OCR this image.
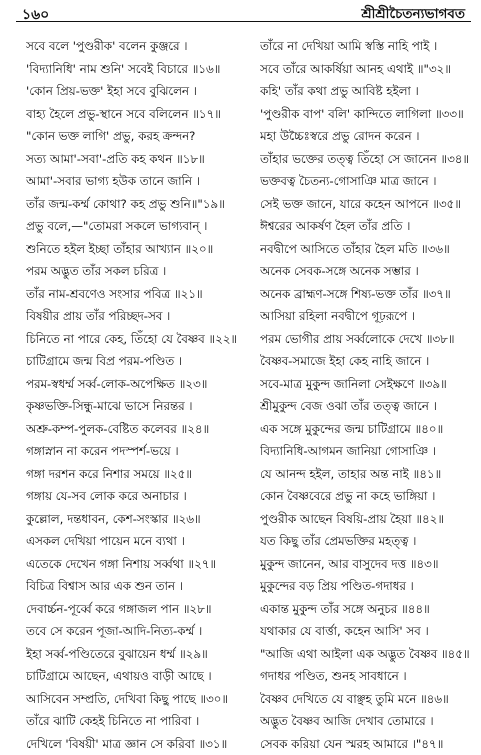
১৬০	শ্রীশ্রীচৈতন্যভাগবত
সবে বলে 'পুণ্ডরীক' বলেন কুঞ্জরে ।
'বিদ্যানিধি' নাম শুনি' সবেই বিচারে ॥১৬॥
'কোন প্রিয়-ভক্ত' ইহা সবে বুঝিলেন ।
বাহ্য হৈলে প্রভু-স্থানে সবে বলিলেন ॥১৭॥
"কোন ভক্ত লাগি' প্রভু, করহ ক্রন্দন?
সত্য আমা'-সবা'-প্রতি কহ কথন ॥১৮॥
আমা'-সবার ভাগ্য হউক তানে জানি ।
তাঁর জন্ম-কর্ম্ম কোথা? কহ প্রভু শুনি॥"১৯॥
প্রভু বলে,—"তোমরা সকলে ভাগ্যবান্ ।
শুনিতে হইল ইচ্ছা তাঁহার আখ্যান ॥২০॥
পরম অদ্ভুত তাঁর সকল চরিত্র ।
তাঁর নাম-শ্রবণেও সংসার পবিত্র ॥২১॥
বিষয়ীর প্রায় তাঁর পরিচ্ছদ-সব ।
চিনিতে না পারে কেহ, তিঁহো যে বৈষ্ণব ॥২২॥
চাটিগ্রামে জন্ম বিপ্র পরম-পণ্ডিত ।
পরম-স্বধর্ম্ম সর্ব্ব-লোক-অপেক্ষিত ॥২৩॥
কৃষ্ণভক্তি-সিন্ধু-মাঝে ভাসে নিরন্তর ।
অশ্রু-কম্প-পুলক-বেষ্টিত কলেবর ॥২৪॥
গঙ্গাস্নান না করেন পদস্পর্শ-ভয়ে ।
গঙ্গা দরশন করে নিশার সময়ে ॥২৫॥
গঙ্গায় যে-সব লোক করে অনাচার ।
কুল্লোল, দন্তধাবন, কেশ-সংস্কার ॥২৬॥
এসকল দেখিয়া পায়েন মনে ব্যথা ।
এতেকে দেখেন গঙ্গা নিশায় সর্ব্বথা ॥২৭॥
বিচিত্র বিশ্বাস আর এক শুন তান ।
দেবার্চ্চন-পূর্ব্বে করে গঙ্গাজল পান ॥২৮॥
তবে সে করেন পূজা-আদি-নিত্য-কর্ম্ম ।
ইহা সর্ব্ব-পণ্ডিতেরে বুঝায়েন ধর্ম্ম ॥২৯॥
চাটিগ্রামে আছেন, এথায়ও বাড়ী আছে ।
আসিবেন সম্প্রতি, দেখিবা কিছু পাছে ॥৩০॥
তাঁরে ঝাটি কেহই চিনিতে না পারিবা ।
দেখিলে 'বিষয়ী' মাত্র জ্ঞান সে করিবা ॥৩১॥
তাঁরে না দেখিয়া আমি স্বস্তি নাহি পাই ।
সবে তাঁরে আকর্ষিয়া আনহ এথাই ॥"৩২॥
কহি' তাঁর কথা প্রভু আবিষ্ট হইলা ।
'পুণ্ডরীক বাপ' বলি' কান্দিতে লাগিলা ॥৩৩॥
মহা উচ্চৈঃস্বরে প্রভু রোদন করেন ।
তাঁহার ভক্তের তত্ত্ব তিঁহো সে জানেন ॥৩৪॥
ভক্তবত্ব চৈতন্য-গোসাঞি মাত্র জানে ।
সেই ভক্ত জানে, যারে কহেন আপনে ॥৩৫॥
ঈশ্বরের আকর্ষণ হৈল তাঁর প্রতি ।
নবদ্বীপে আসিতে তাঁহার হৈল মতি ॥৩৬॥
অনেক সেবক-সঙ্গে অনেক সম্ভার ।
অনেক ব্রাহ্মণ-সঙ্গে শিষ্য-ভক্ত তাঁর ॥৩৭॥
আসিয়া রহিলা নবদ্বীপে গূঢ়রূপে ।
পরম ভোগীর প্রায় সর্ব্বলোকে দেখে ॥৩৮॥
বৈষ্ণব-সমাজে ইহা কেহ নাহি জানে ।
সবে-মাত্র মুকুন্দ জানিলা সেইক্ষণে ॥৩৯॥
শ্রীমুকুন্দ বেজ ওঝা তাঁর তত্ত্ব জানে ।
এক সঙ্গে মুকুন্দের জন্ম চাটিগ্রামে ॥৪০॥
বিদ্যানিধি-আগমন জানিয়া গোসাঞি ।
যে আনন্দ হইল, তাহার অন্ত নাই ॥৪১॥
কোন বৈষ্ণবেরে প্রভু না কহে ভাঙ্গিয়া ।
পুণ্ডরীক আছেন বিষয়ি-প্রায় হৈয়া ॥৪২॥
যত কিছু তাঁর প্রেমভক্তির মহত্ত্ব ।
মুকুন্দ জানেন, আর বাসুদেব দত্ত ॥৪৩॥
মুকুন্দের বড় প্রিয় পণ্ডিত-গদাধর ।
একান্ত মুকুন্দ তাঁর সঙ্গে অনুচর ॥৪৪॥
যথাকার যে বার্ত্তা, কহেন আসি' সব ।
"আজি এথা আইলা এক অদ্ভুত বৈষ্ণব ॥৪৫॥
গদাধর পণ্ডিত, শুনহ সাবধানে ।
বৈষ্ণব দেখিতে যে বাঞ্ছহ তুমি মনে ॥৪৬॥
অদ্ভুত বৈষ্ণব আজি দেখাব তোমারে ।
সেবক করিয়া যেন স্মরহ আমারে ।"৪৭॥
